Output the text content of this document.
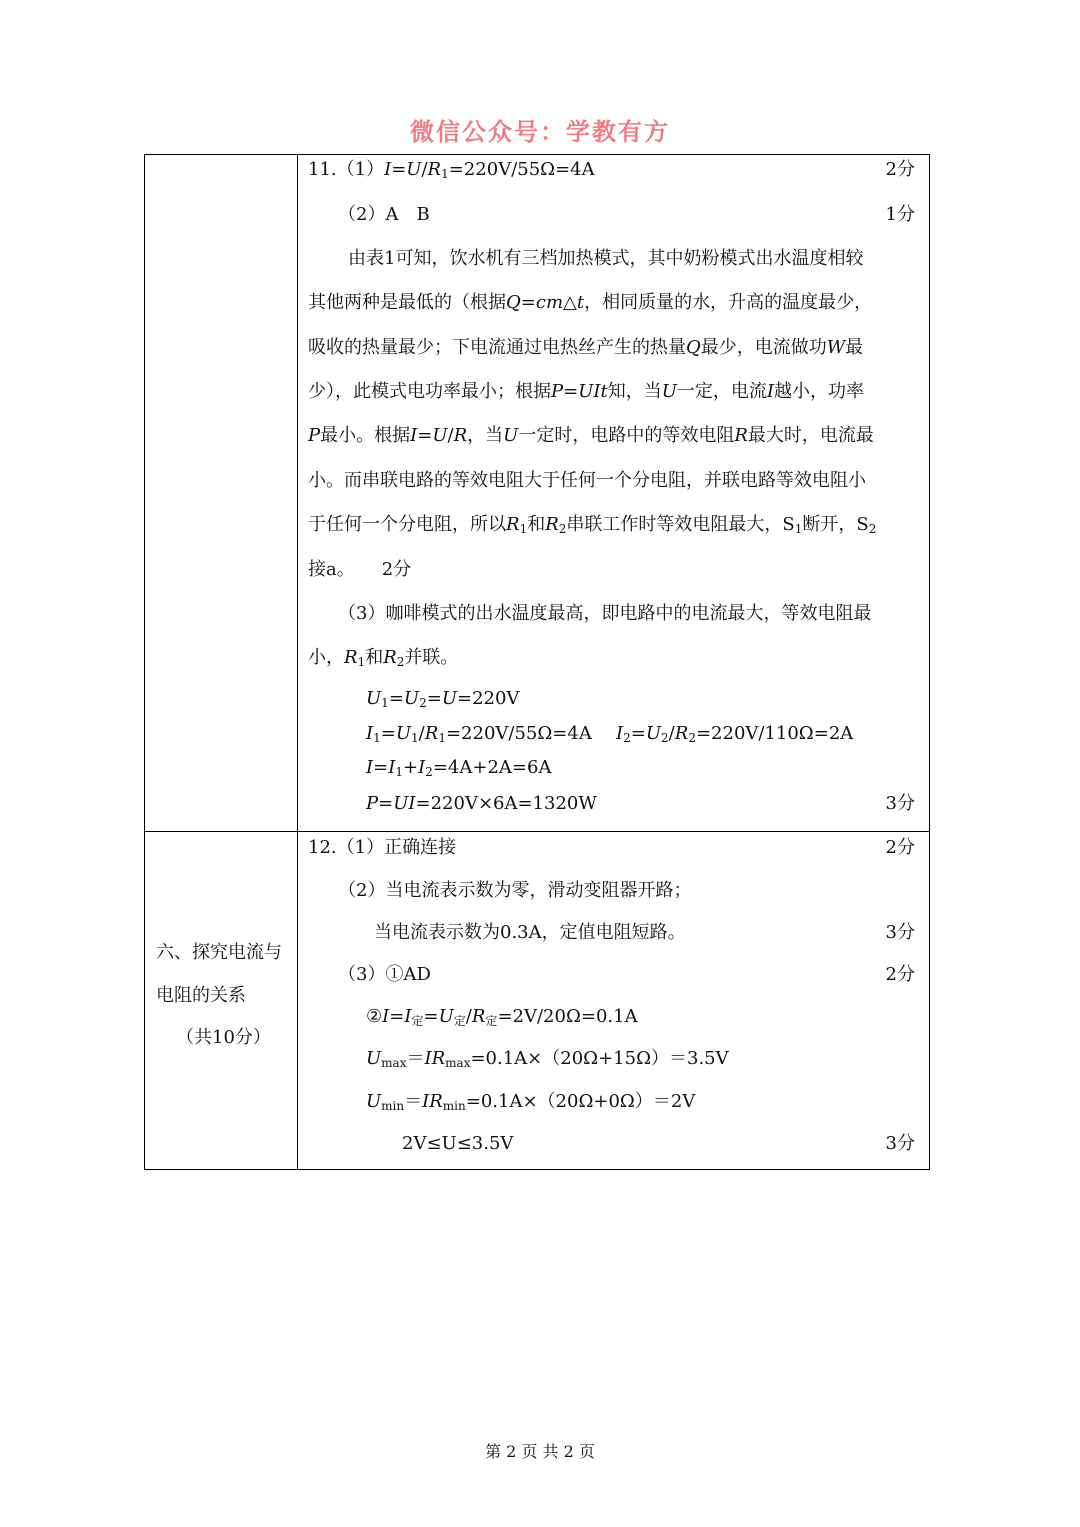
微信公众号：学教有方
$11.(1)I=U/R_1=220V/55\Omega=4A$	2分
（2）A　B	1分
由表1可知，饮水机有三档加热模式，其中奶粉模式出水温度相较
其他两种是最低的（根据Q=cm△t，相同质量的水，升高的温度最少，
吸收的热量最少；下电流通过电热丝产生的热量Q最少，电流做功W最
少），此模式电功率最小；根据P=UIt知，当U一定，电流I越小，功率
P最小。根据I=U/R，当U一定时，电路中的等效电阻R最大时，电流最
小。而串联电路的等效电阻大于任何一个分电阻，并联电路等效电阻小
于任何一个分电阻，所以$R_1$和$R_2$串联工作时等效电阻最大，$S_1$断开，$S_2$
接a。　　2分
（3）咖啡模式的出水温度最高，即电路中的电流最大，等效电阻最
小，$R_1$和$R_2$并联。
$U_1=U_2=U=220V$
$I_1=U_1/R_1=220V/55\Omega=4A$ $I_2=U_2/R_2=220V/110\Omega=2A$
$I=I_1+I_2=4A+2A=6A$
P=UI=220V×6A=1320W	3分
六、探究电流与
电阻的关系
（共10分）
12.（1）正确连接	2分
（2）当电流表示数为零，滑动变阻器开路；
当电流表示数为0.3A，定值电阻短路。	3分
（3）①AD	2分
$②I=I_定=U_定/R_定=2V/20\Omega=0.1A$
$U_{max}=IR_{max}=0.1A\times(20\Omega+15\Omega)=3.5V$
$U_{min}=IR_{min}=0.1A\times(20\Omega+0\Omega)=2V$
2V≤U≤3.5V	3分
第 2 页 共 2 页
